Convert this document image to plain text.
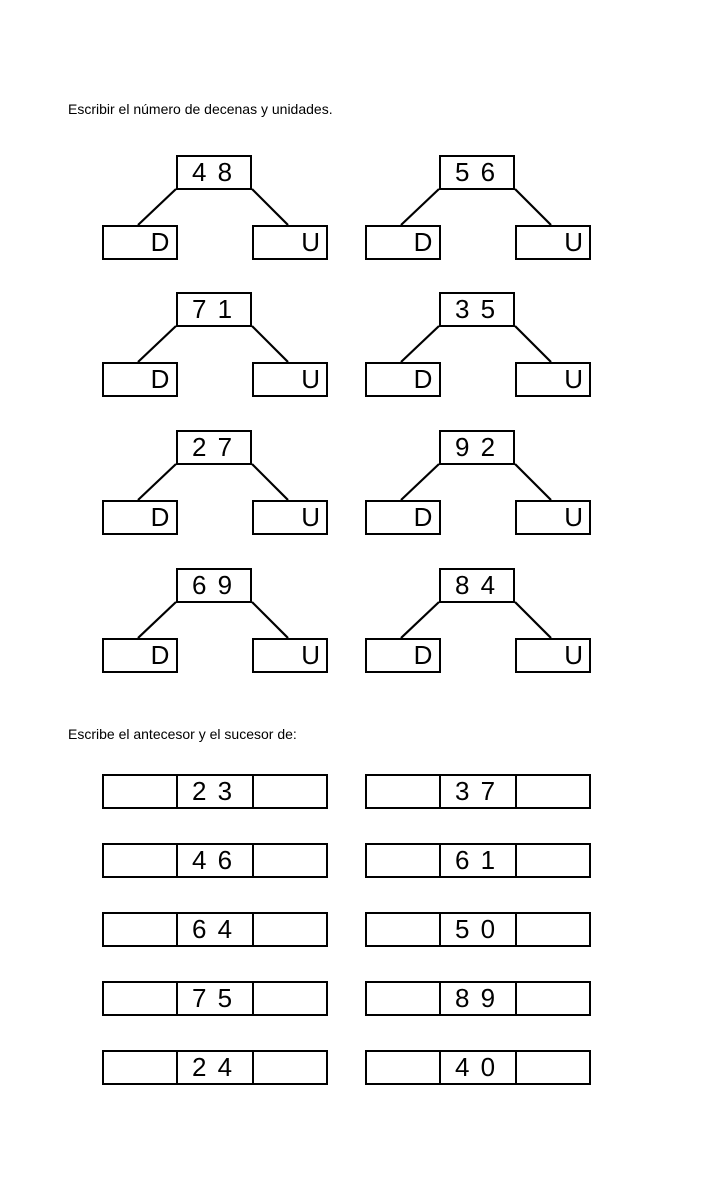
Escribir el número de decenas y unidades.
4 8
D	U
5 6
D	U
7 1
D	U
3 5
D	U
2 7
D	U
9 2
D	U
6 9
D	U
8 4
D	U
Escribe el antecesor y el sucesor de:
2 3	3 7
4 6	6 1
6 4	5 0
7 5	8 9
2 4	4 0
